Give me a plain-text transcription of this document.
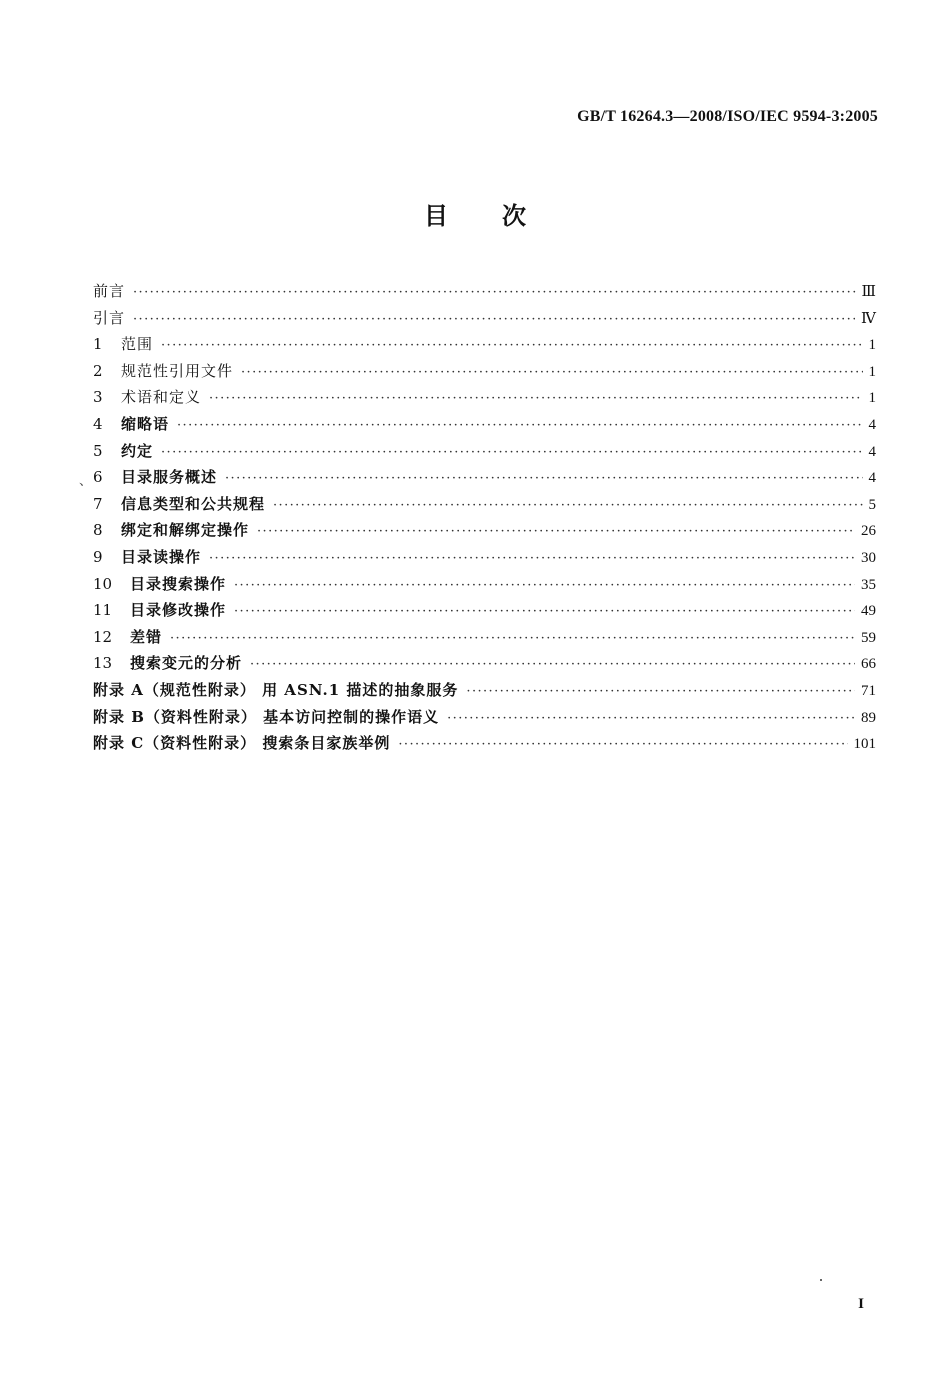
GB/T 16264.3—2008/ISO/IEC 9594-3:2005
目 次
、
前言 ·····	Ⅲ
引言 ·····	Ⅳ
1	范围 ·····	1
2	规范性引用文件 ·····	1
3	术语和定义 ·····	1
4	缩略语 ·····	4
5	约定 ·····	4
6	目录服务概述 ·····	4
7	信息类型和公共规程 ·····	5
8	绑定和解绑定操作 ·····	26
9	目录读操作 ·····	30
10	目录搜索操作 ·····	35
11	目录修改操作 ·····	49
12	差错 ·····	59
13	搜索变元的分析 ·····	66
附录 A（规范性附录） 用 ASN.1 描述的抽象服务 ·····	71
附录 B（资料性附录） 基本访问控制的操作语义 ·····	89
附录 C（资料性附录） 搜索条目家族举例 ·····	101
I
